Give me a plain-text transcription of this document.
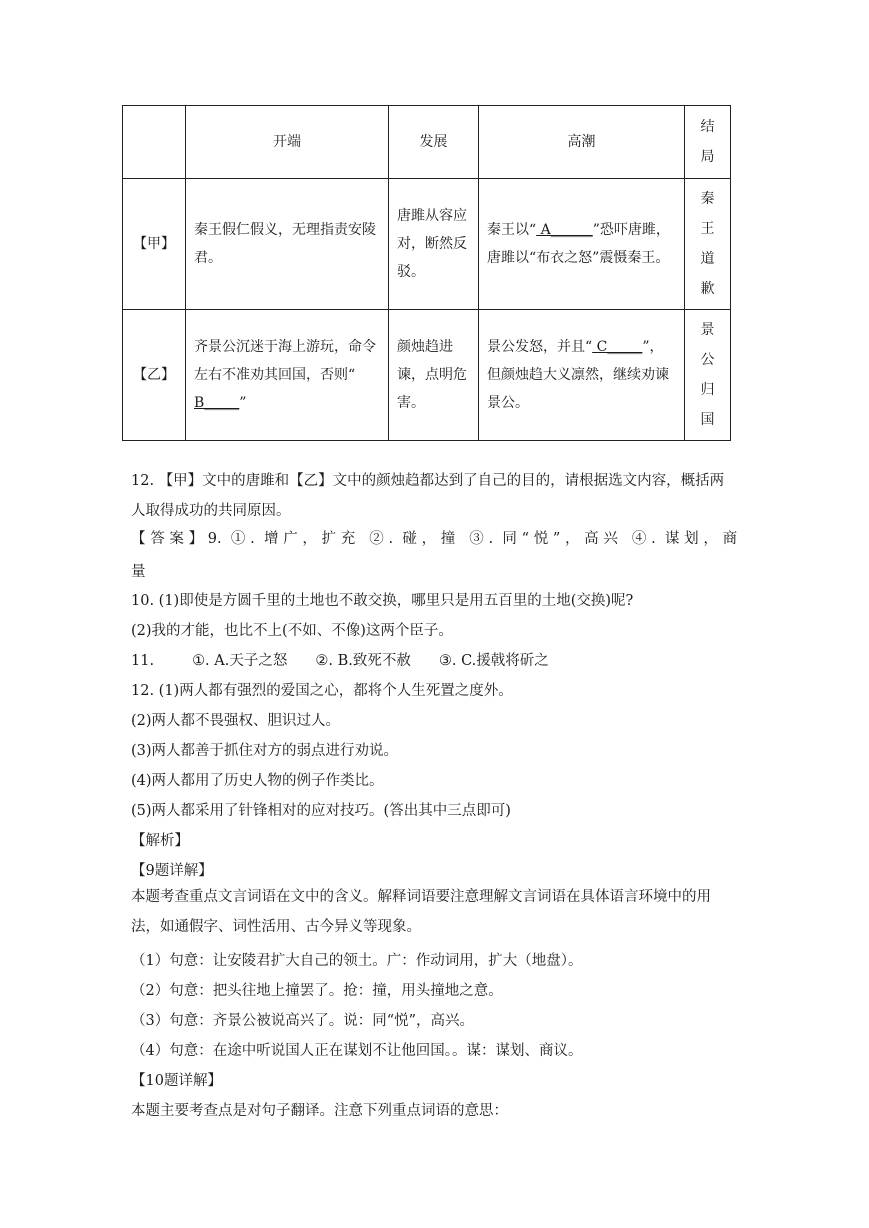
	开端	发展	高潮	结
局

【甲】	秦王假仁假义，无理指责安陵君。	唐雎从容应对，断然反驳。	秦王以“ A______”恐吓唐雎，唐雎以“布衣之怒”震慑秦王。	秦
王
道
歉

【乙】	齐景公沉迷于海上游玩，命令左右不准劝其回国，否则“ B_____”	颜烛趋进谏，点明危害。	景公发怒，并且“ C_____”，但颜烛趋大义凛然，继续劝谏景公。	景
公
归
国
12. 【甲】文中的唐雎和【乙】文中的颜烛趋都达到了自己的目的，请根据选文内容，概括两人取得成功的共同原因。
【答案】9. ①. 增广，扩充 ②. 碰，撞 ③. 同“悦”，高兴 ④. 谋划，商
量
10. (1)即使是方圆千里的土地也不敢交换，哪里只是用五百里的土地(交换)呢?
(2)我的才能，也比不上(不如、不像)这两个臣子。
11.	①. A.天子之怒 ②. B.致死不赦 ③. C.援戟将斫之
12. (1)两人都有强烈的爱国之心，都将个人生死置之度外。
(2)两人都不畏强权、胆识过人。
(3)两人都善于抓住对方的弱点进行劝说。
(4)两人都用了历史人物的例子作类比。
(5)两人都采用了针锋相对的应对技巧。(答出其中三点即可)
【解析】
【9题详解】
本题考查重点文言词语在文中的含义。解释词语要注意理解文言词语在具体语言环境中的用法，如通假字、词性活用、古今异义等现象。
（1）句意：让安陵君扩大自己的领土。广：作动词用，扩大（地盘）。
（2）句意：把头往地上撞罢了。抢：撞，用头撞地之意。
（3）句意：齐景公被说高兴了。说：同“悦”，高兴。
（4）句意：在途中听说国人正在谋划不让他回国。。谋：谋划、商议。
【10题详解】
本题主要考查点是对句子翻译。注意下列重点词语的意思：
